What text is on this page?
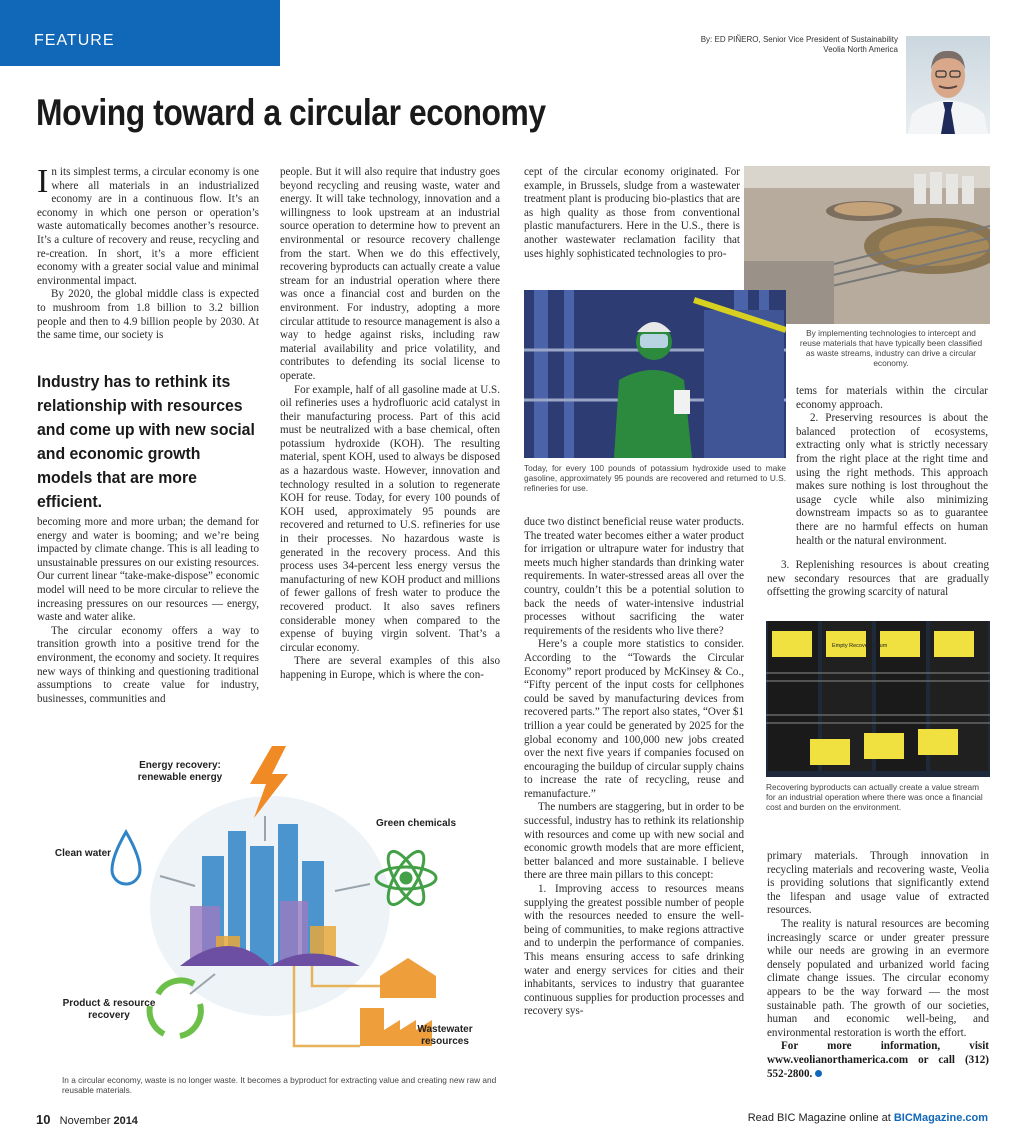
FEATURE	By: ED PIÑERO, Senior Vice President of Sustainability
Veolia North America
Moving toward a circular economy

In its simplest terms, a circular economy is one where all materials in an industrialized economy are in a continuous flow. It’s an economy in which one person or operation’s waste automatically becomes another’s resource. It’s a culture of recovery and reuse, recycling and re-creation. In short, it’s a more efficient economy with a greater social value and minimal environmental impact.

By 2020, the global middle class is expected to mushroom from 1.8 billion to 3.2 billion people and then to 4.9 billion people by 2030. At the same time, our society is

Industry has to rethink its relationship with resources and come up with new social and economic growth models that are more efficient.

becoming more and more urban; the demand for energy and water is booming; and we’re being impacted by climate change. This is all leading to unsustainable pressures on our existing resources. Our current linear “take-make-dispose” economic model will need to be more circular to relieve the increasing pressures on our resources — energy, waste and water alike.

The circular economy offers a way to transition growth into a positive trend for the environment, the economy and society. It requires new ways of thinking and questioning traditional assumptions to create value for industry, businesses, communities and

people. But it will also require that industry goes beyond recycling and reusing waste, water and energy. It will take technology, innovation and a willingness to look upstream at an industrial source operation to determine how to prevent an environmental or resource recovery challenge from the start. When we do this effectively, recovering byproducts can actually create a value stream for an industrial operation where there was once a financial cost and burden on the environment. For industry, adopting a more circular attitude to resource management is also a way to hedge against risks, including raw material availability and price volatility, and contributes to defending its social license to operate.

For example, half of all gasoline made at U.S. oil refineries uses a hydrofluoric acid catalyst in their manufacturing process. Part of this acid must be neutralized with a base chemical, often potassium hydroxide (KOH). The resulting material, spent KOH, used to always be disposed as a hazardous waste. However, innovation and technology resulted in a solution to regenerate KOH for reuse. Today, for every 100 pounds of KOH used, approximately 95 pounds are recovered and returned to U.S. refineries for use in their processes. No hazardous waste is generated in the recovery process. And this process uses 34-percent less energy versus the manufacturing of new KOH product and millions of fewer gallons of fresh water to produce the recovered product. It also saves refiners considerable money when compared to the expense of buying virgin solvent. That’s a circular economy.

There are several examples of this also happening in Europe, which is where the con-

cept of the circular economy originated. For example, in Brussels, sludge from a wastewater treatment plant is producing bio-plastics that are as high quality as those from conventional plastic manufacturers. Here in the U.S., there is another wastewater reclamation facility that uses highly sophisticated technologies to pro-

By implementing technologies to intercept and reuse materials that have typically been classified as waste streams, industry can drive a circular economy.
Today, for every 100 pounds of potassium hydroxide used to make gasoline, approximately 95 pounds are recovered and returned to U.S. refineries for use.

duce two distinct beneficial reuse water products. The treated water becomes either a water product for irrigation or ultrapure water for industry that meets much higher standards than drinking water requirements. In water-stressed areas all over the country, couldn’t this be a potential solution to back the needs of water-intensive industrial processes without sacrificing the water requirements of the residents who live there?

Here’s a couple more statistics to consider. According to the “Towards the Circular Economy” report produced by McKinsey & Co., “Fifty percent of the input costs for cellphones could be saved by manufacturing devices from recovered parts.” The report also states, “Over $1 trillion a year could be generated by 2025 for the global economy and 100,000 new jobs created over the next five years if companies focused on encouraging the buildup of circular supply chains to increase the rate of recycling, reuse and remanufacture.”

The numbers are staggering, but in order to be successful, industry has to rethink its relationship with resources and come up with new social and economic growth models that are more efficient, better balanced and more sustainable. I believe there are three main pillars to this concept:

1. Improving access to resources means supplying the greatest possible number of people with the resources needed to ensure the well-being of communities, to make regions attractive and to underpin the performance of companies. This means ensuring access to safe drinking water and energy services for cities and their inhabitants, services to industry that guarantee continuous supplies for production processes and recovery sys-

tems for materials within the circular economy approach.

2. Preserving resources is about the balanced protection of ecosystems, extracting only what is strictly necessary from the right place at the right time and using the right methods. This approach makes sure nothing is lost throughout the usage cycle while also minimizing downstream impacts so as to guarantee there are no harmful effects on human health or the natural environment.

3. Replenishing resources is about creating new secondary resources that are gradually offsetting the growing scarcity of natural

Empty Recovery Drum
Recovering byproducts can actually create a value stream for an industrial operation where there was once a financial cost and burden on the environment.

primary materials. Through innovation in recycling materials and recovering waste, Veolia is providing solutions that significantly extend the lifespan and usage value of extracted resources.

The reality is natural resources are becoming increasingly scarce or under greater pressure while our needs are growing in an evermore densely populated and urbanized world facing climate change issues. The circular economy appears to be the way forward — the most sustainable path. The growth of our societies, human and economic well-being, and environmental restoration is worth the effort.

For more information, visit www.veolianorthamerica.com or call (312) 552-2800.

Energy recovery: renewable energy
Green chemicals
Clean water
Product & resource recovery
Wastewater resources
In a circular economy, waste is no longer waste. It becomes a byproduct for extracting value and creating new raw and reusable materials.
10 November 2014	Read BIC Magazine online at BICMagazine.com
